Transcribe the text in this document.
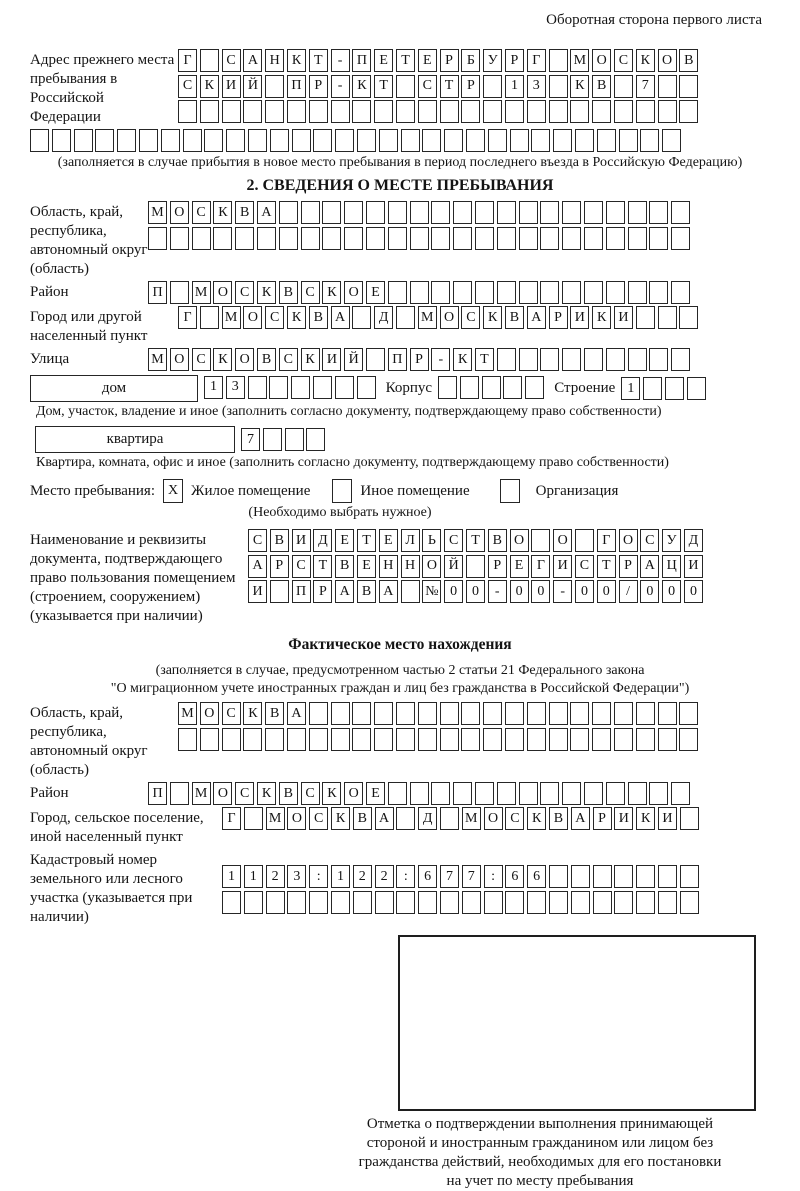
Оборотная сторона первого листа
Адрес прежнего места пребывания в Российской Федерации
Г	С А Н К Т	-	П Е Т Е Р Б У Р Г	М О С К О В
С К И Й	П Р	-	К Т	С Т Р	1	3	К В	7
(заполняется в случае прибытия в новое место пребывания в период последнего въезда в Российскую Федерацию)
2. СВЕДЕНИЯ О МЕСТЕ ПРЕБЫВАНИЯ
Область, край, республика, автономный округ (область)
М О С К В А
Район	П	М О С К В С К О Е
Город или другой населенный пункт
Г	М О С К В А	Д	М О С К В А Р И К И
Улица	М О С К О В С К И Й	П Р	-	К Т
дом	1	3	Корпус	Строение 1
Дом, участок, владение и иное (заполнить согласно документу, подтверждающему право собственности)
квартира	7
Квартира, комната, офис и иное (заполнить согласно документу, подтверждающему право собственности)
Место пребывания: X Жилое помещение	Иное помещение	Организация
(Необходимо выбрать нужное)
Наименование и реквизиты документа, подтверждающего право пользования помещением (строением, сооружением) (указывается при наличии)
С В И Д Е Т Е Л Ь С Т В О	О	Г О С У Д
А Р С Т В Е Н Н О Й	Р Е Г И С Т Р А Ц И
И	П Р А В А	№ 0	0	-	0	0	-	0	0	/	0	0	0
Фактическое место нахождения
(заполняется в случае, предусмотренном частью 2 статьи 21 Федерального закона
"О миграционном учете иностранных граждан и лиц без гражданства в Российской Федерации")
Область, край, республика, автономный округ (область)
М О С К В А
Район	П	М О С К В С К О Е
Город, сельское поселение, иной населенный пункт
Г	М О С К В А	Д	М О С К В А Р И К И
Кадастровый номер земельного или лесного участка (указывается при наличии)
1	1	2	3	:	1	2	2	:	6	7	7	:	6	6
Отметка о подтверждении выполнения принимающей
стороной и иностранным гражданином или лицом без
гражданства действий, необходимых для его постановки
на учет по месту пребывания
